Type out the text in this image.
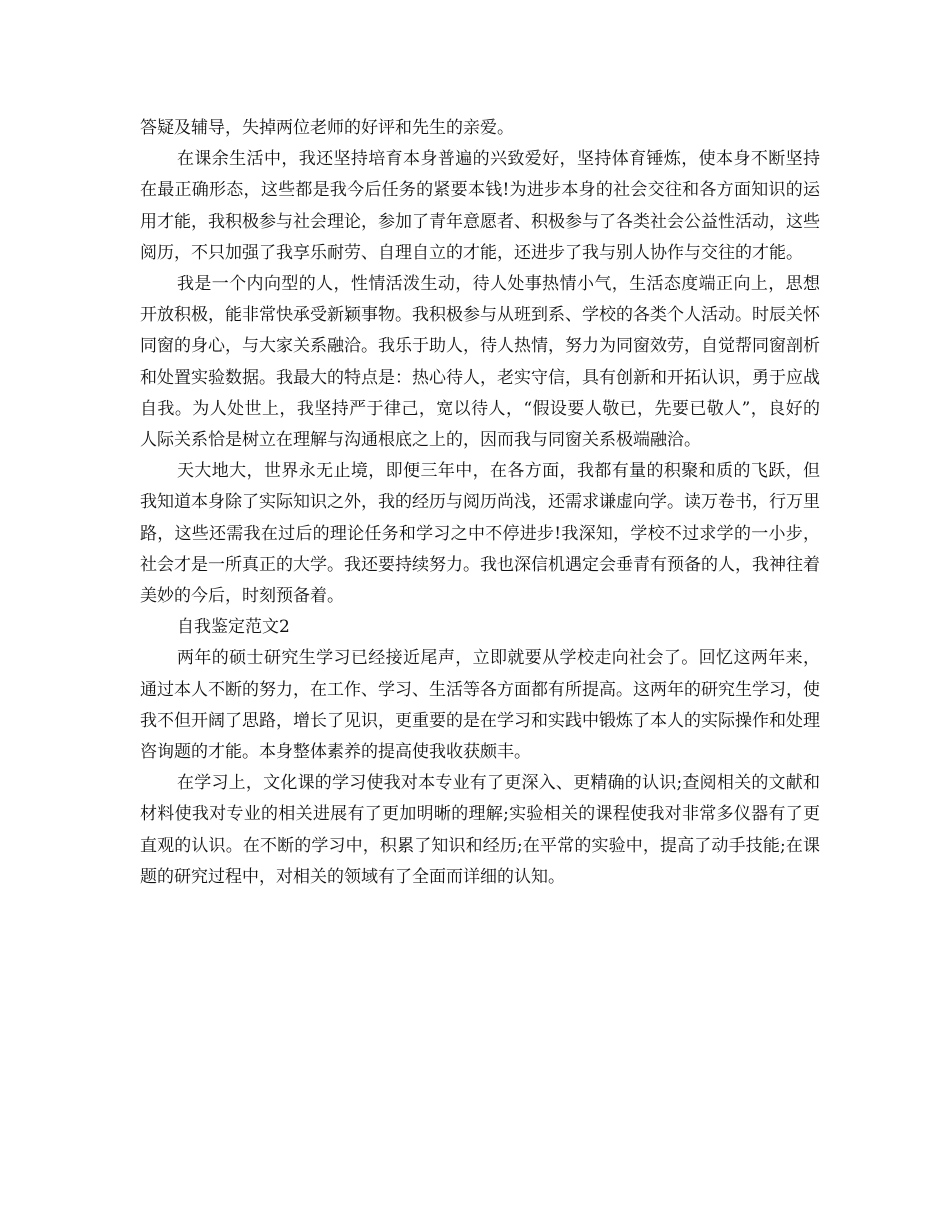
答疑及辅导，失掉两位老师的好评和先生的亲爱。

在课余生活中，我还坚持培育本身普遍的兴致爱好，坚持体育锤炼，使本身不断坚持在最正确形态，这些都是我今后任务的紧要本钱!为进步本身的社会交往和各方面知识的运用才能，我积极参与社会理论，参加了青年意愿者、积极参与了各类社会公益性活动，这些阅历，不只加强了我享乐耐劳、自理自立的才能，还进步了我与别人协作与交往的才能。

我是一个内向型的人，性情活泼生动，待人处事热情小气，生活态度端正向上，思想开放积极，能非常快承受新颖事物。我积极参与从班到系、学校的各类个人活动。时辰关怀同窗的身心，与大家关系融洽。我乐于助人，待人热情，努力为同窗效劳，自觉帮同窗剖析和处置实验数据。我最大的特点是：热心待人，老实守信，具有创新和开拓认识，勇于应战自我。为人处世上，我坚持严于律己，宽以待人，“假设要人敬已，先要已敬人”，良好的人际关系恰是树立在理解与沟通根底之上的，因而我与同窗关系极端融洽。

天大地大，世界永无止境，即便三年中，在各方面，我都有量的积聚和质的飞跃，但我知道本身除了实际知识之外，我的经历与阅历尚浅，还需求谦虚向学。读万卷书，行万里路，这些还需我在过后的理论任务和学习之中不停进步!我深知，学校不过求学的一小步，社会才是一所真正的大学。我还要持续努力。我也深信机遇定会垂青有预备的人，我神往着美妙的今后，时刻预备着。

自我鉴定范文2

两年的硕士研究生学习已经接近尾声，立即就要从学校走向社会了。回忆这两年来，通过本人不断的努力，在工作、学习、生活等各方面都有所提高。这两年的研究生学习，使我不但开阔了思路，增长了见识，更重要的是在学习和实践中锻炼了本人的实际操作和处理咨询题的才能。本身整体素养的提高使我收获颇丰。

在学习上，文化课的学习使我对本专业有了更深入、更精确的认识;查阅相关的文献和材料使我对专业的相关进展有了更加明晰的理解;实验相关的课程使我对非常多仪器有了更直观的认识。在不断的学习中，积累了知识和经历;在平常的实验中，提高了动手技能;在课题的研究过程中，对相关的领域有了全面而详细的认知。
